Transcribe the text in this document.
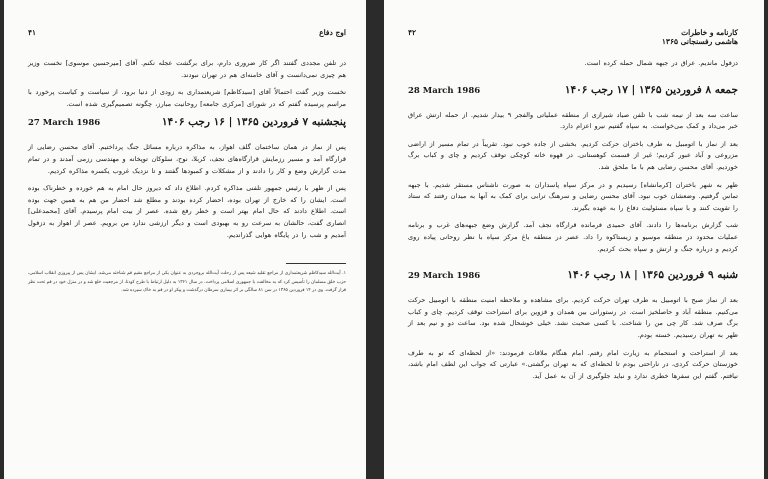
اوج دفاع
۴۱

در تلفن مجددی گفتند اگر کار ضروری دارم، برای برگشت عجله نکنم. آقای [میرحسین موسوی] نخست وزیر هم چیزی نمی‌دانست و آقای خامنه‌ای هم در تهران نبودند.

نخست وزیر گفت احتمالاً آقای [سیدکاظم] شریعتمداری به زودی از دنیا برود. از سیاست و کیاست پرخورد با مراسم پرسیده گفتم که در شورای [مرکزی جامعه] روحانیت مبارز، چگونه تصمیم‌گیری شده است.

پنجشنبه ۷ فروردین ۱۳۶۵ | ۱۶ رجب ۱۴۰۶
27 March 1986

پس از نماز در همان ساختمان گلف اهواز، به مذاکره درباره مسائل جنگ پرداختیم. آقای محسن رضایی از قرارگاه آمد و مسیر رزمایش قرارگاه‌های نجف، کربلا، نوح، سلوکان توپخانه و مهندسی رزمی آمدند و در تمام مدت گزارش وضع و کار را دادند و از مشکلات و کمبودها گفتند و تا نزدیک غروب یکسره مذاکره کردیم.

پس از ظهر با رئیس جمهور تلفنی مذاکره کردم. اطلاع داد که دیروز حال امام به هم خورده و خطرناک بوده است. ایشان را که خارج از تهران بوده، احضار کرده بودند و مطلع شد احضار من هم به همین جهت بوده است. اطلاع دادند که حال امام بهتر است و خطر رفع شده. عصر از بیت امام پرسیدم. آقای [محمدعلی] انصاری گفت، حالشان به سرعت رو به بهبودی است و دیگر ارزشی ندارد من برویم. عصر از اهواز به دزفول آمدیم و شب را در پایگاه هوایی گذراندیم.

۱. آیت‌الله سیدکاظم شریعتمداری از مراجع تقلید شیعه پس از رحلت آیت‌الله بروجردی به عنوان یکی از مراجع مقیم قم شناخته می‌شد. ایشان پس از پیروزی انقلاب اسلامی، حزب خلق مسلمان را تأسیس کرد که به مخالفت با جمهوری اسلامی پرداخت. در سال ۱۳۶۱ به دلیل ارتباط با طرح کودتا، از مرجعیت خلع شد و در منزل خود در قم تحت نظر قرار گرفت. وی در ۱۴ فروردین ۱۳۶۵ در سن ۸۱ سالگی بر اثر بیماری سرطان درگذشت و پیکر او در قم به خاک سپرده شد.

کارنامه و خاطرات
هاشمی رفسنجانی ۱۳۶۵
۴۲

دزفول ماندیم. عراق در جبهه شمال حمله کرده است.

جمعه ۸ فروردین ۱۳۶۵ | ۱۷ رجب ۱۴۰۶
28 March 1986

ساعت سه بعد از نیمه شب با تلفن صیاد شیرازی از منطقه عملیاتی والفجر ۹ بیدار شدیم. از حمله ارتش عراق خبر می‌داد و کمک می‌خواست. به سپاه گفتیم نیرو اعزام دارد.

بعد از نماز با اتومبیل به طرف باختران حرکت کردیم. بخشی از جاده خوب نبود. تقریباً در تمام مسیر از اراضی مزروعی و آباد عبور کردیم؛ غیر از قسمت کوهستانی. در قهوه خانه کوچکی توقف کردیم و چای و کباب برگ خوردیم. آقای محسن رضایی هم با ما ملحق شد.

ظهر به شهر باختران [کرمانشاه] رسیدیم و در مرکز سپاه پاسداران به صورت ناشناس مستقر شدیم. با جبهه تماس گرفتیم. وضعشان خوب نبود. آقای محسن رضایی و سرهنگ ترابی برای کمک به آنها به میدان رفتند که ستاد را تقویت کنند و با سپاه مسئولیت دفاع را به عهده بگیرند.

شب گزارش برنامه‌ها را دادند. آقای حمیدی فرمانده قرارگاه نجف آمد. گزارش وضع جبهه‌های غرب و برنامه عملیات محدود در منطقه موسیو و زیستاکوه را داد. عصر در منطقه باغ مرکز سپاه با نظر روحانی پیاده روی کردیم و درباره جنگ و ارتش و سپاه بحث کردیم.

شنبه ۹ فروردین ۱۳۶۵ | ۱۸ رجب ۱۴۰۶
29 March 1986

بعد از نماز صبح با اتومبیل به طرف تهران حرکت کردیم. برای مشاهده و ملاحظه امنیت منطقه با اتومبیل حرکت می‌کنیم. منطقه آباد و حاصلخیز است. در رستورانی بین همدان و قزوین برای استراحت توقف کردیم. چای و کباب برگ صرف شد. کار چی من را شناخت. با کسی صحبت نشد. خیلی خوشحال شده بود. ساعت دو و نیم بعد از ظهر به تهران رسیدیم. خسته بودم.

بعد از استراحت و استحمام به زیارت امام رفتم. امام هنگام ملاقات فرمودند: «از لحظه‌ای که تو به طرف خوزستان حرکت کردی، در ناراحتی بودم تا لحظه‌ای که به تهران برگشتی.» عبارتی که جواب این لطف امام باشد، نیافتم. گفتم این سفرها خطری ندارد و نباید جلوگیری از آن به عمل آید.
